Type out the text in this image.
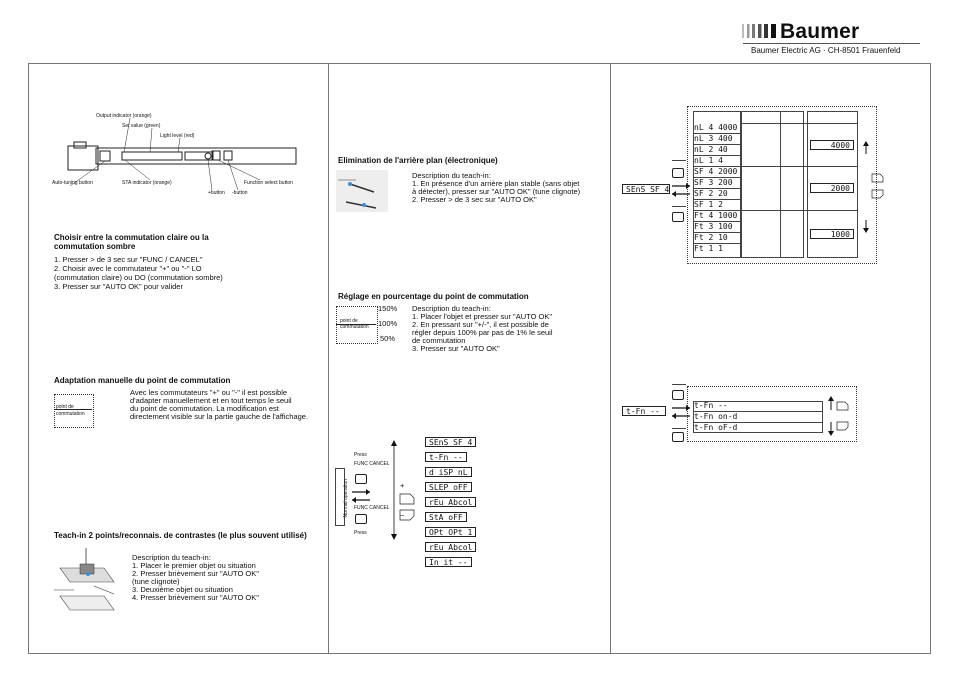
Baumer
Baumer Electric AG · CH-8501 Frauenfeld
Output indicator (orange)
Set value (green)
Light level (red)
Auto-tuning button	STA indicator (orange)
+button -button
Function select button
Choisir entre la commutation claire ou la
commutation sombre
1. Presser > de 3 sec sur "FUNC / CANCEL"
2. Choisir avec le commutateur "+" ou "-" LO
(commutation claire) ou DO (commutation sombre)
3. Presser sur "AUTO OK" pour valider
Adaptation manuelle du point de commutation
point de
commutation
Avec les commutateurs "+" ou "-" il est possible
d'adapter manuellement et en tout temps le seuil
du point de commutation. La modification est
directement visible sur la partie gauche de l'affichage.
Teach-in 2 points/reconnais. de contrastes (le plus souvent utilisé)
Description du teach-in:
1. Placer le premier objet ou situation
2. Presser brièvement sur "AUTO OK"
(tune clignote)
3. Deuxième objet ou situation
4. Presser brièvement sur "AUTO OK"
Elimination de l'arrière plan (électronique)
Description du teach-in:
1. En présence d'un arrière plan stable (sans objet
à détecter), presser sur "AUTO OK" (tune clignote)
2. Presser > de 3 sec sur "AUTO OK"
Réglage en pourcentage du point de commutation
point de
commutation
150%
100%
50%
Description du teach-in:
1. Placer l'objet et presser sur "AUTO OK"
2. En pressant sur "+/-", il est possible de
régler depuis 100% par pas de 1% le seuil
de commutation
3. Presser sur "AUTO OK"
Press
FUNC CANCEL
Normal operation	FUNC CANCEL
Press
+
−
SEnS SF 4
t-Fn --
d iSP nL
SLEP oFF
rEu Abcol
StA oFF
OPt OPt 1
rEu Abcol
In it --
nL 4 4000
nL 3 400
nL 2 40
nL 1 4
SF 4 2000
SF 3 200
SF 2 20
SF 1 2
Ft 4 1000
Ft 3 100
Ft 2 10
Ft 1 1
4000
2000
1000
SEnS SF 4
t-Fn --
t-Fn on-d
t-Fn oF-d
t-Fn --
